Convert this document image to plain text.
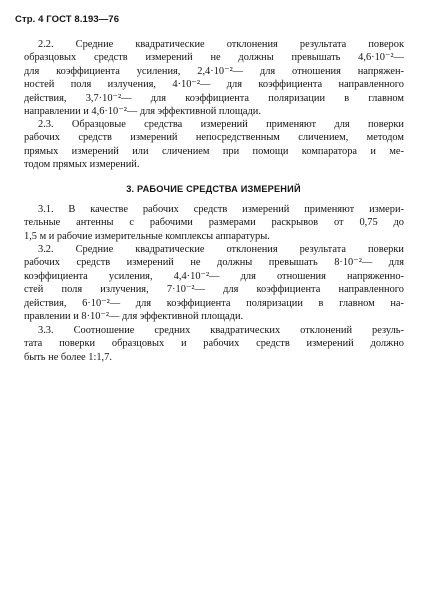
Стр. 4 ГОСТ 8.193—76
2.2. Средние квадратические отклонения результата поверок
образцовых средств измерений не должны превышать 4,6·10⁻²—
для коэффициента усиления, 2,4·10⁻²— для отношения напряжен-
ностей поля излучения, 4·10⁻²— для коэффициента направленного
действия, 3,7·10⁻²— для коэффициента поляризации в главном
направлении и 4,6·10⁻²— для эффективной площади.
2.3. Образцовые средства измерений применяют для поверки
рабочих средств измерений непосредственным сличением, методом
прямых измерений или сличением при помощи компаратора и ме-
тодом прямых измерений.
3. РАБОЧИЕ СРЕДСТВА ИЗМЕРЕНИЙ
3.1. В качестве рабочих средств измерений применяют измери-
тельные антенны с рабочими размерами раскрывов от 0,75 до
1,5 м и рабочие измерительные комплексы аппаратуры.
3.2. Средние квадратические отклонения результата поверки
рабочих средств измерений не должны превышать 8·10⁻²— для
коэффициента усиления, 4,4·10⁻²— для отношения напряженно-
стей поля излучения, 7·10⁻²— для коэффициента направленного
действия, 6·10⁻²— для коэффициента поляризации в главном на-
правлении и 8·10⁻²— для эффективной площади.
3.3. Соотношение средних квадратических отклонений резуль-
тата поверки образцовых и рабочих средств измерений должно
быть не более 1:1,7.
